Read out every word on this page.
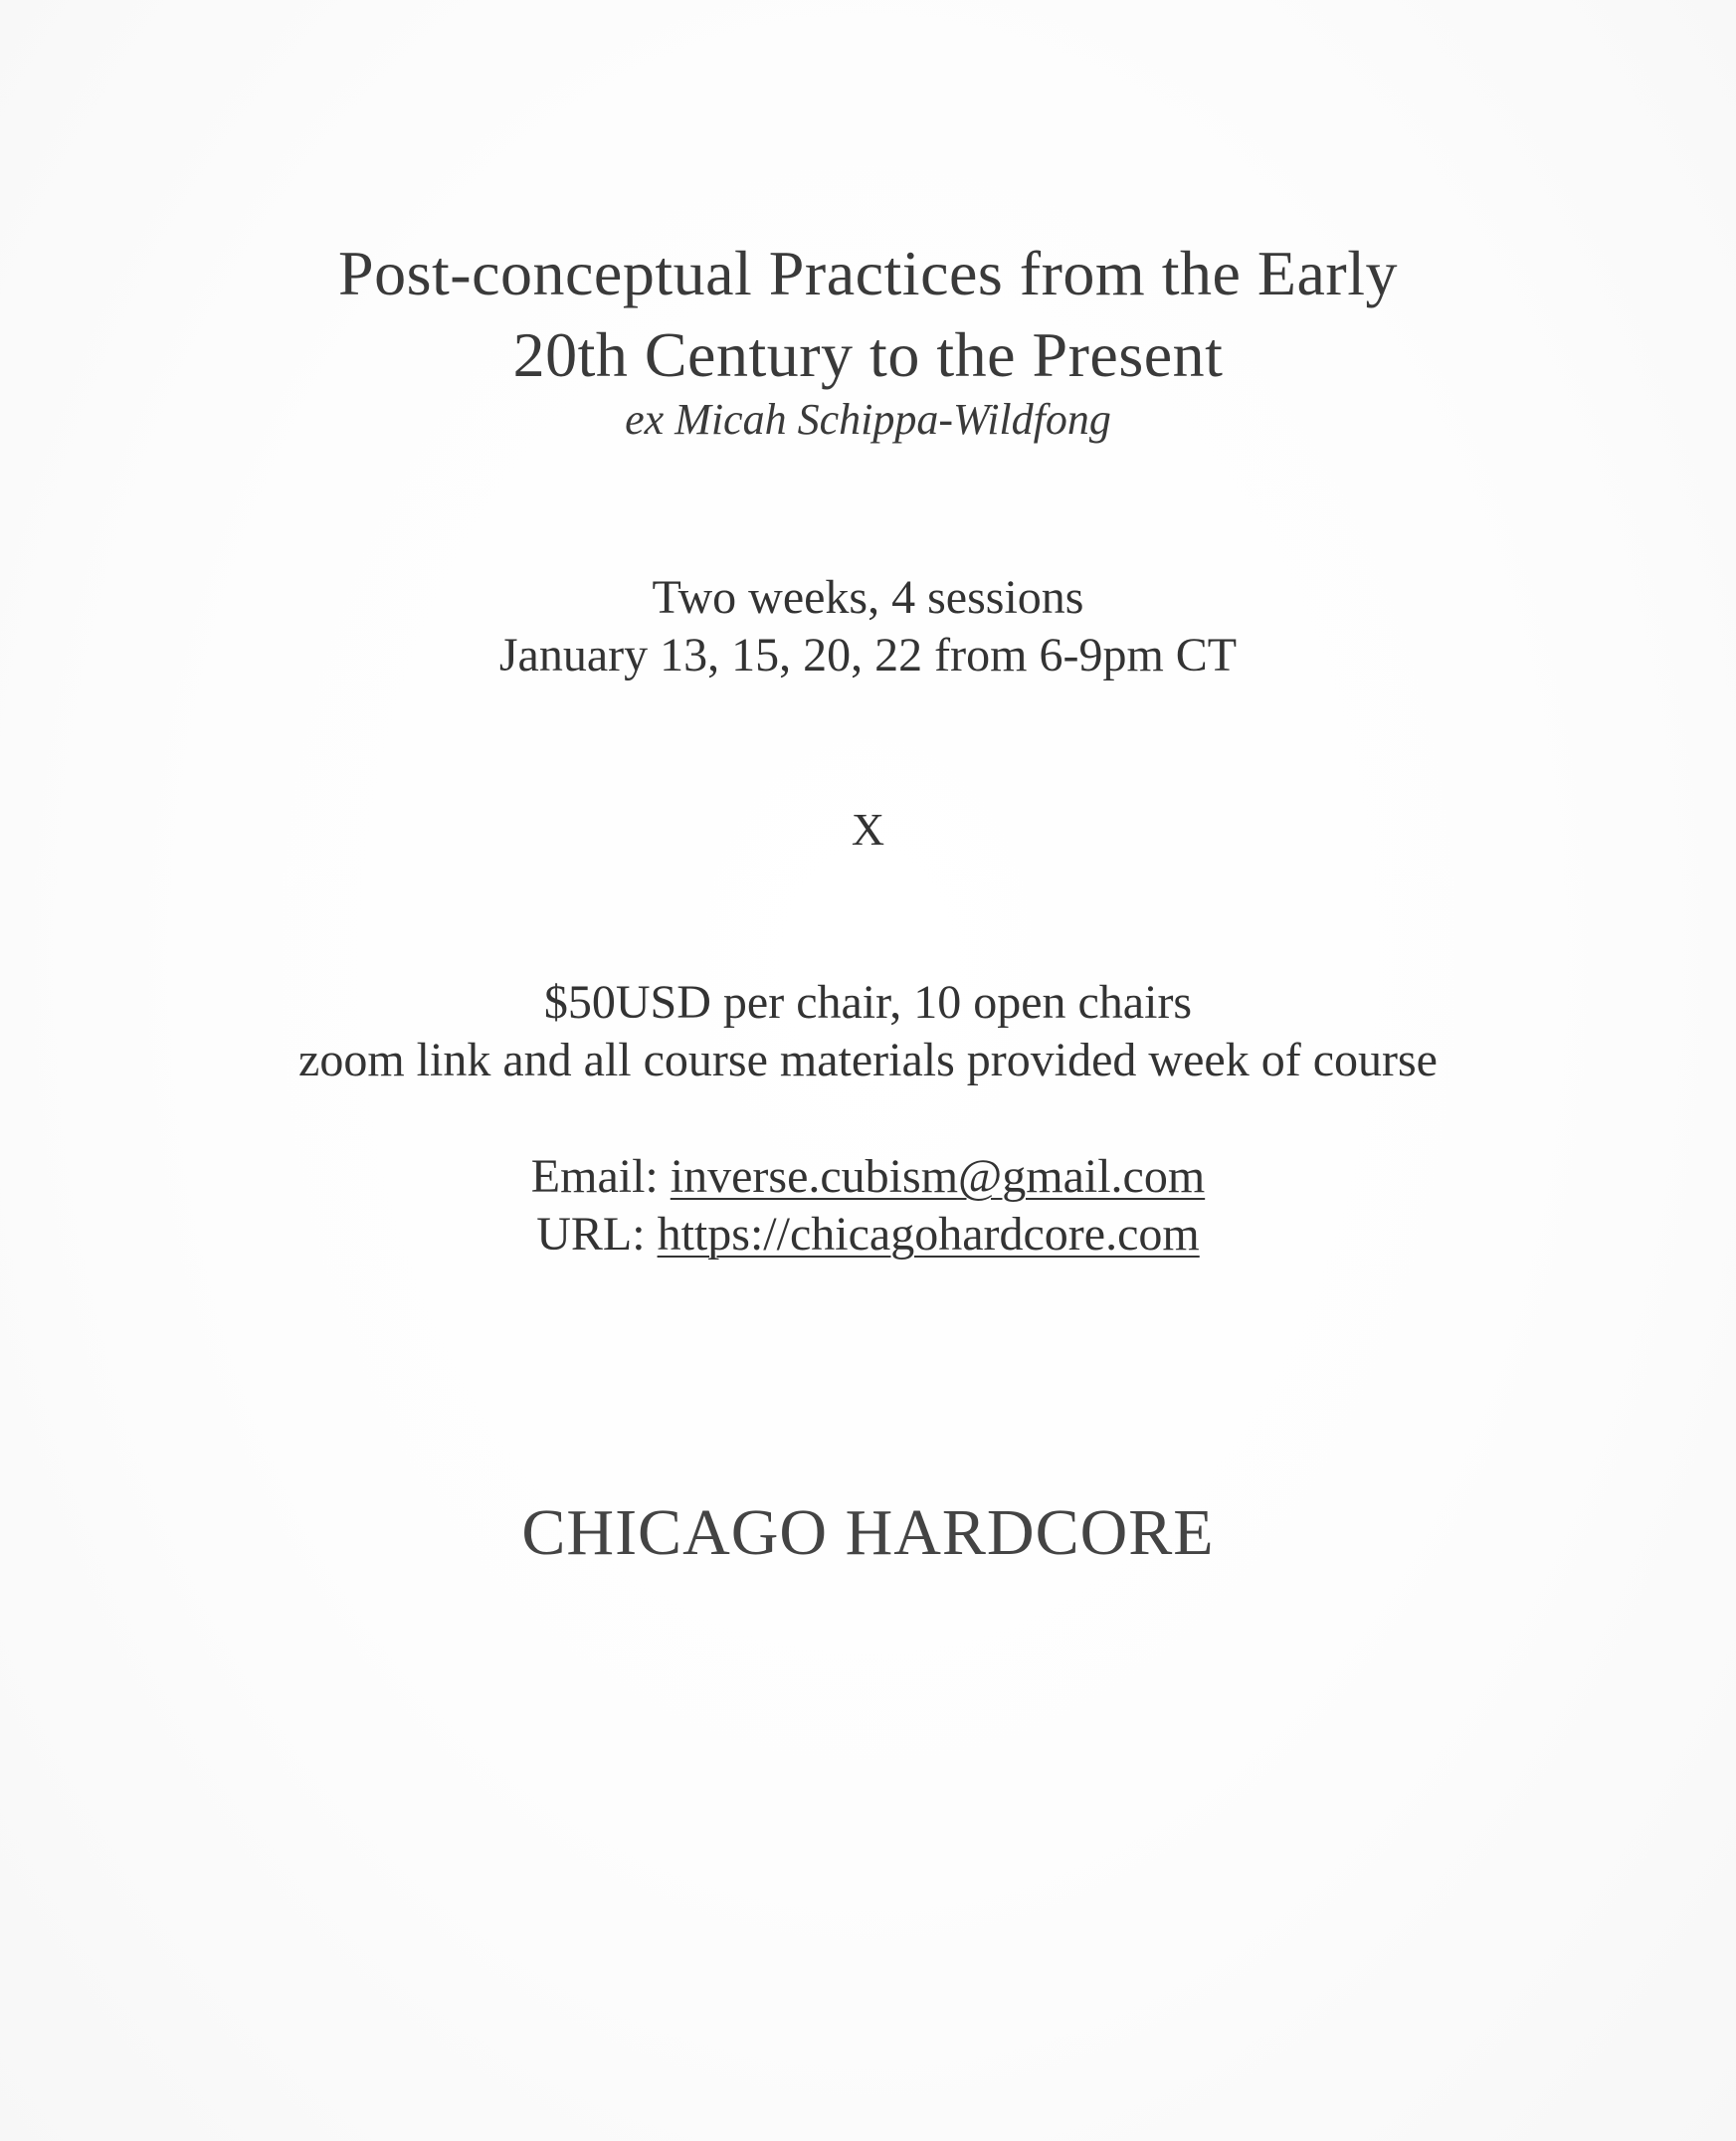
Post-conceptual Practices from the Early
20th Century to the Present
ex Micah Schippa-Wildfong
Two weeks, 4 sessions
January 13, 15, 20, 22 from 6-9pm CT
X
$50USD per chair, 10 open chairs
zoom link and all course materials provided week of course
Email: inverse.cubism@gmail.com
URL: https://chicagohardcore.com
CHICAGO HARDCORE
